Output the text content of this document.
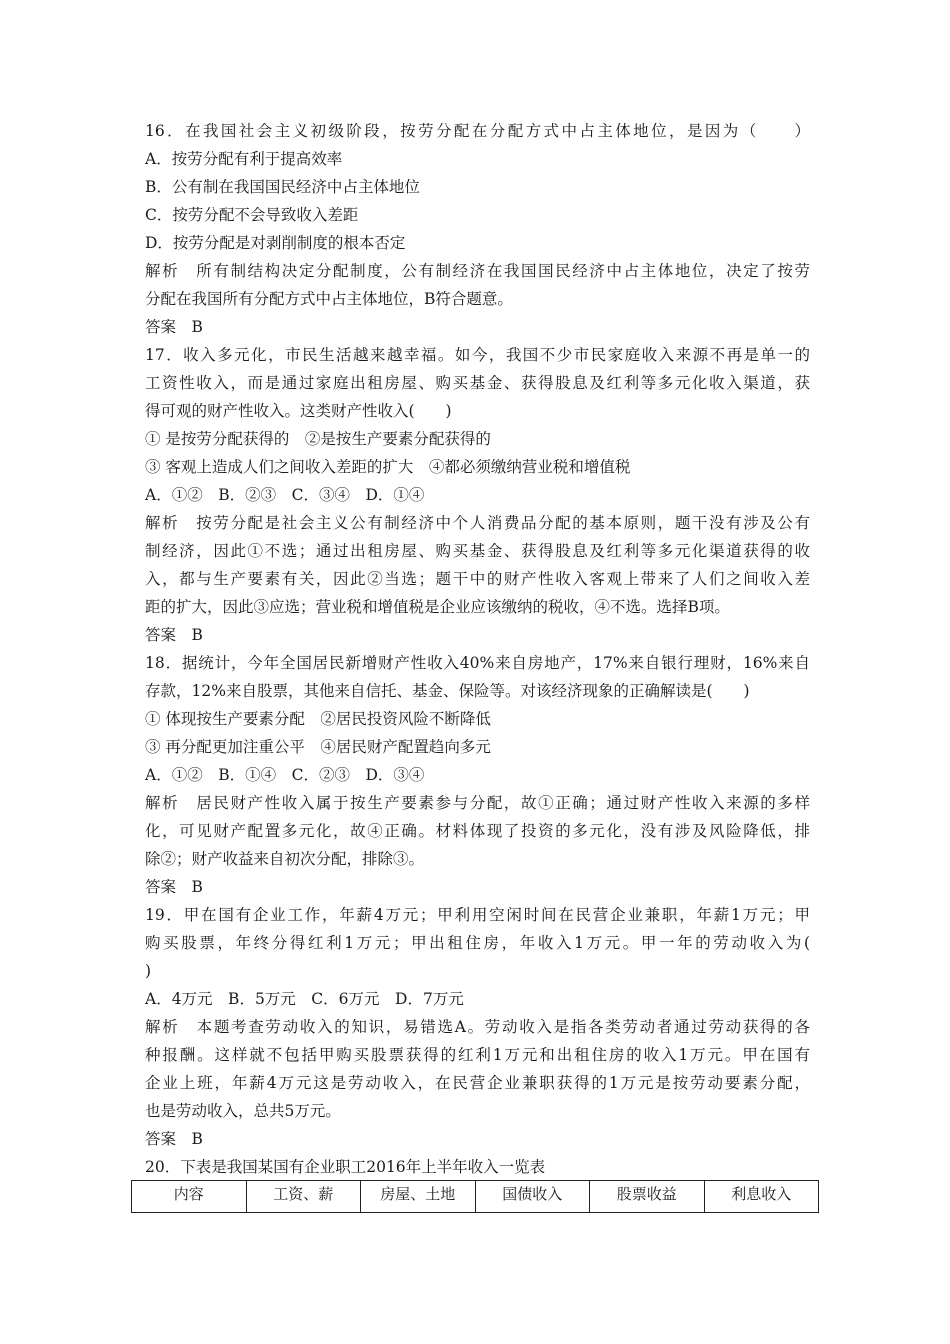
16．在我国社会主义初级阶段，按劳分配在分配方式中占主体地位，是因为（　　）
A．按劳分配有利于提高效率
B．公有制在我国国民经济中占主体地位
C．按劳分配不会导致收入差距
D．按劳分配是对剥削制度的根本否定
解析　所有制结构决定分配制度，公有制经济在我国国民经济中占主体地位，决定了按劳
分配在我国所有分配方式中占主体地位，B符合题意。
答案　B
17．收入多元化，市民生活越来越幸福。如今，我国不少市民家庭收入来源不再是单一的
工资性收入，而是通过家庭出租房屋、购买基金、获得股息及红利等多元化收入渠道，获
得可观的财产性收入。这类财产性收入(　　)
① 是按劳分配获得的　②是按生产要素分配获得的
③ 客观上造成人们之间收入差距的扩大　④都必须缴纳营业税和增值税
A．①②　B．②③　C．③④　D．①④
解析　按劳分配是社会主义公有制经济中个人消费品分配的基本原则，题干没有涉及公有
制经济，因此①不选；通过出租房屋、购买基金、获得股息及红利等多元化渠道获得的收
入，都与生产要素有关，因此②当选；题干中的财产性收入客观上带来了人们之间收入差
距的扩大，因此③应选；营业税和增值税是企业应该缴纳的税收，④不选。选择B项。
答案　B
18．据统计，今年全国居民新增财产性收入40%来自房地产，17%来自银行理财，16%来自
存款，12%来自股票，其他来自信托、基金、保险等。对该经济现象的正确解读是(　　)
① 体现按生产要素分配　②居民投资风险不断降低
③ 再分配更加注重公平　④居民财产配置趋向多元
A．①②　B．①④　C．②③　D．③④
解析　居民财产性收入属于按生产要素参与分配，故①正确；通过财产性收入来源的多样
化，可见财产配置多元化，故④正确。材料体现了投资的多元化，没有涉及风险降低，排
除②；财产收益来自初次分配，排除③。
答案　B
19．甲在国有企业工作，年薪4万元；甲利用空闲时间在民营企业兼职，年薪1万元；甲
购买股票，年终分得红利1万元；甲出租住房，年收入1万元。甲一年的劳动收入为(
)
A．4万元　B．5万元　C．6万元　D．7万元
解析　本题考查劳动收入的知识，易错选A。劳动收入是指各类劳动者通过劳动获得的各
种报酬。这样就不包括甲购买股票获得的红利1万元和出租住房的收入1万元。甲在国有
企业上班，年薪4万元这是劳动收入，在民营企业兼职获得的1万元是按劳动要素分配，
也是劳动收入，总共5万元。
答案　B
20．下表是我国某国有企业职工2016年上半年收入一览表
内容	工资、薪	房屋、土地	国债收入	股票收益	利息收入
